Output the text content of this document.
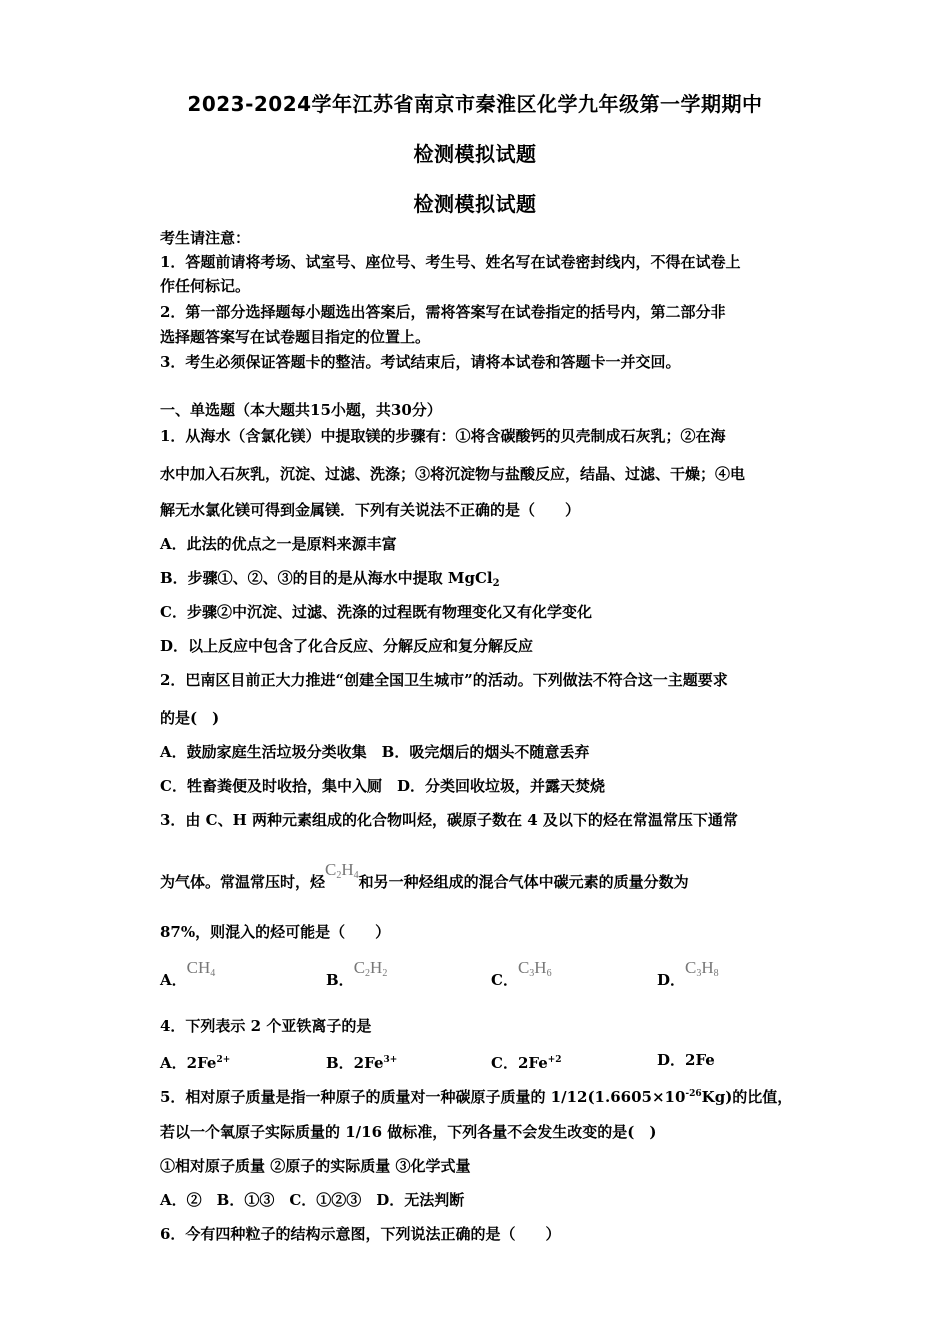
2023-2024学年江苏省南京市秦淮区化学九年级第一学期期中
检测模拟试题
检测模拟试题
考生请注意：
1．答题前请将考场、试室号、座位号、考生号、姓名写在试卷密封线内，不得在试卷上
作任何标记。
2．第一部分选择题每小题选出答案后，需将答案写在试卷指定的括号内，第二部分非
选择题答案写在试卷题目指定的位置上。
3．考生必须保证答题卡的整洁。考试结束后，请将本试卷和答题卡一并交回。
一、单选题（本大题共15小题，共30分）
1．从海水（含氯化镁）中提取镁的步骤有：①将含碳酸钙的贝壳制成石灰乳；②在海
水中加入石灰乳，沉淀、过滤、洗涤；③将沉淀物与盐酸反应，结晶、过滤、干燥；④电
解无水氯化镁可得到金属镁．下列有关说法不正确的是（　　）
A．此法的优点之一是原料来源丰富
B．步骤①、②、③的目的是从海水中提取 MgCl$_2$
C．步骤②中沉淀、过滤、洗涤的过程既有物理变化又有化学变化
D．以上反应中包含了化合反应、分解反应和复分解反应
2．巴南区目前正大力推进“创建全国卫生城市”的活动。下列做法不符合这一主题要求
的是(　)
A．鼓励家庭生活垃圾分类收集　B．吸完烟后的烟头不随意丢弃
C．牲畜粪便及时收拾，集中入厕　D．分类回收垃圾，并露天焚烧
3．由 C、H 两种元素组成的化合物叫烃，碳原子数在 4 及以下的烃在常温常压下通常
为气体。常温常压时，烃$C_2H_4$和另一种烃组成的混合气体中碳元素的质量分数为
87%，则混入的烃可能是（　　）
A．$CH_4$	B．$C_2H_2$	C．$C_3H_6$	D．$C_3H_8$
4．下列表示 2 个亚铁离子的是
A．$2Fe^{2+}$	B．$2Fe^{3+}$	C．$2Fe^{+2}$	D．2Fe
5．相对原子质量是指一种原子的质量对一种碳原子质量的 $1/12(1.6605\times 10^{-26}Kg)$的比值，
若以一个氧原子实际质量的 1/16 做标准，下列各量不会发生改变的是(　)
①相对原子质量 ②原子的实际质量 ③化学式量
A．②　B．①③　C．①②③　D．无法判断
6．今有四种粒子的结构示意图，下列说法正确的是（　　）
